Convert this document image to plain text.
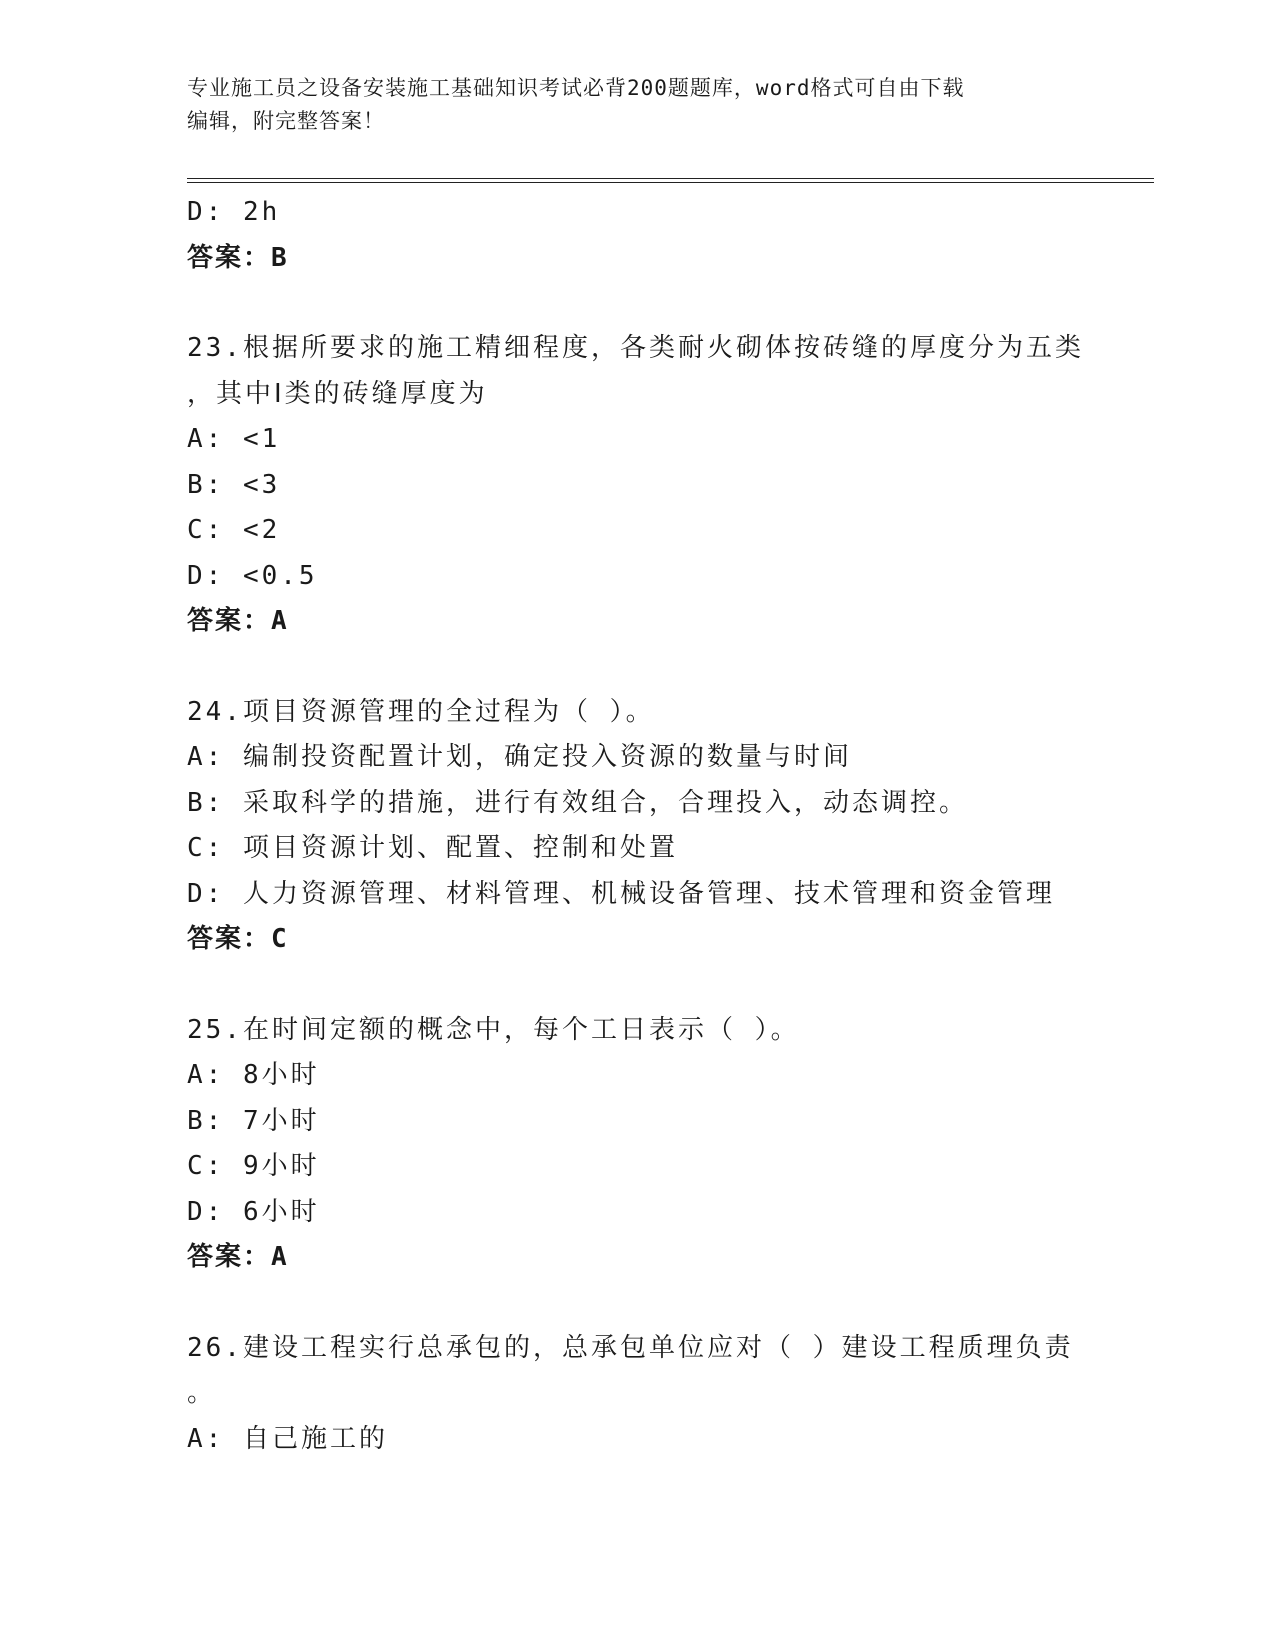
专业施工员之设备安装施工基础知识考试必背200题题库，word格式可自由下载
编辑，附完整答案！
D: 2h
答案：B
23.根据所要求的施工精细程度，各类耐火砌体按砖缝的厚度分为五类
，其中Ⅰ类的砖缝厚度为
A: <1
B: <3
C: <2
D: <0.5
答案：A
24.项目资源管理的全过程为（ ）。
A: 编制投资配置计划，确定投入资源的数量与时间
B: 采取科学的措施，进行有效组合，合理投入，动态调控。
C: 项目资源计划、配置、控制和处置
D: 人力资源管理、材料管理、机械设备管理、技术管理和资金管理
答案：C
25.在时间定额的概念中，每个工日表示（ ）。
A: 8小时
B: 7小时
C: 9小时
D: 6小时
答案：A
26.建设工程实行总承包的，总承包单位应对（ ）建设工程质理负责
。
A: 自己施工的
